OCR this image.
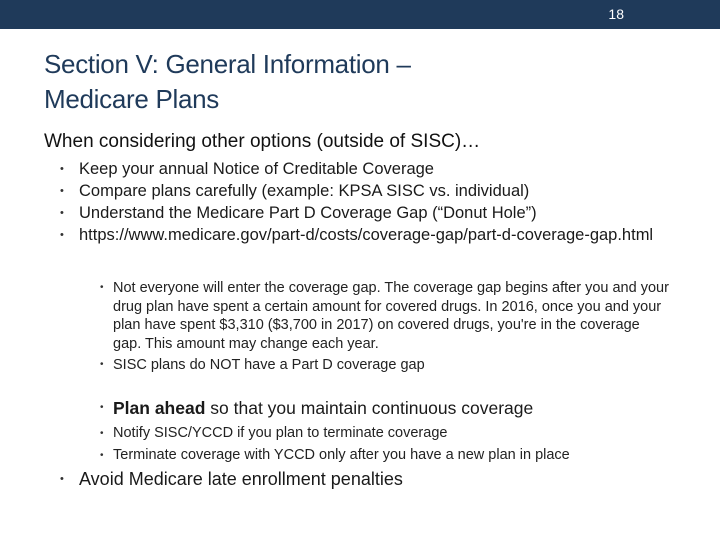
18
Section V: General Information –
Medicare Plans
When considering other options (outside of SISC)…
• Keep your annual Notice of Creditable Coverage
• Compare plans carefully (example: KPSA SISC vs. individual)
• Understand the Medicare Part D Coverage Gap (“Donut Hole”)
• https://www.medicare.gov/part-d/costs/coverage-gap/part-d-coverage-gap.html
• Not everyone will enter the coverage gap. The coverage gap begins after you and your drug plan have spent a certain amount for covered drugs. In 2016, once you and your plan have spent $3,310 ($3,700 in 2017) on covered drugs, you're in the coverage gap. This amount may change each year.
• SISC plans do NOT have a Part D coverage gap
• Plan ahead so that you maintain continuous coverage
• Notify SISC/YCCD if you plan to terminate coverage
• Terminate coverage with YCCD only after you have a new plan in place
• Avoid Medicare late enrollment penalties
